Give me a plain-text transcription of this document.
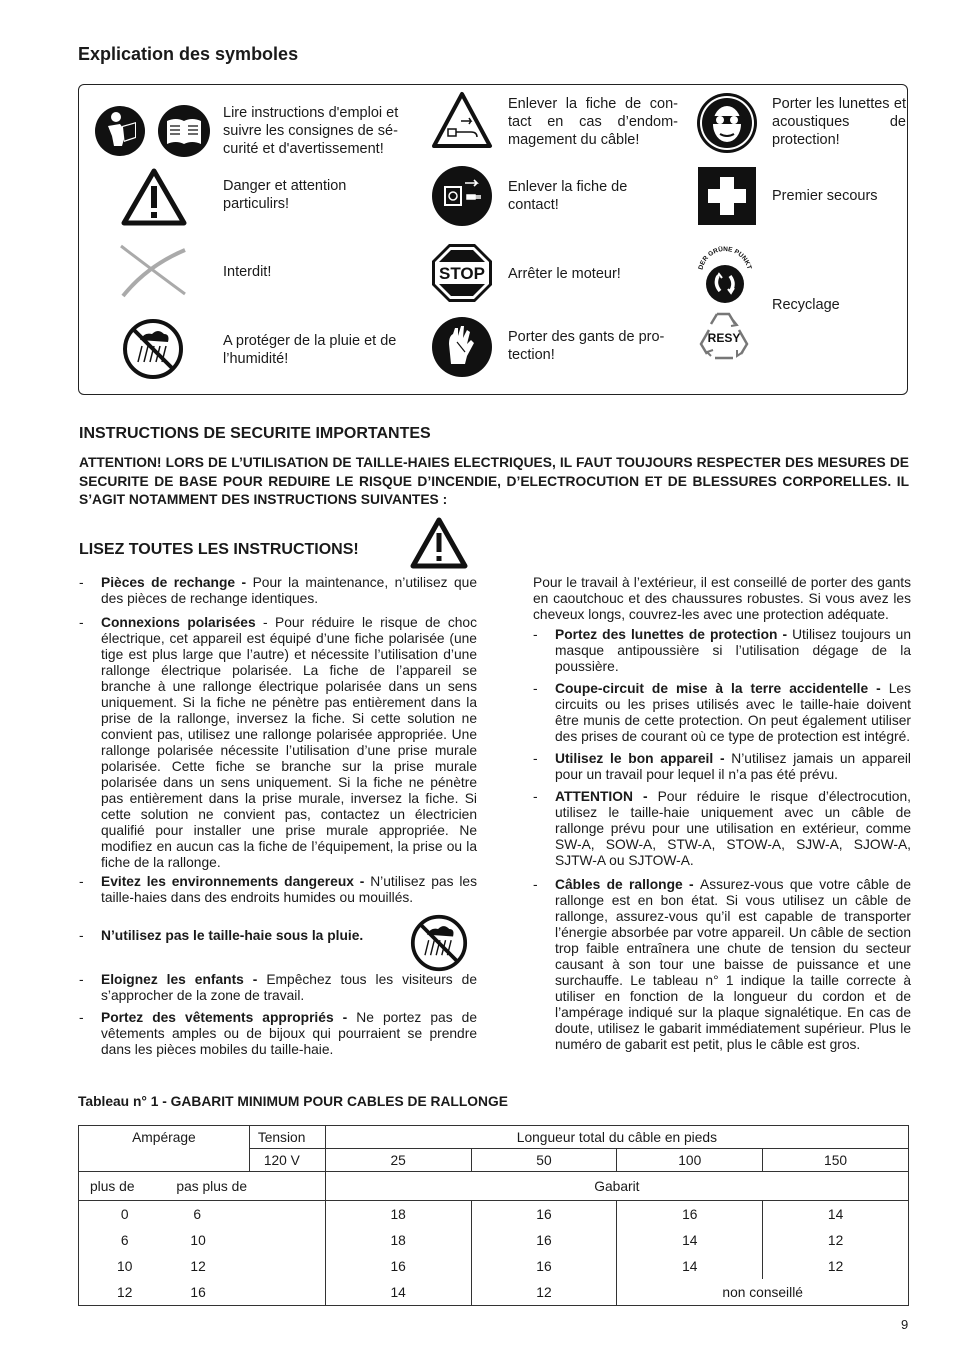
Explication des symboles
Lire instructions d'emploi et suivre les consignes de sé-curité et d'avertissement!
Danger et attention particulirs!
Interdit!
A protéger de la pluie et de l’humidité!
STOP
Enlever la fiche de con-tact en cas d’endom-magement du câble!
Enlever la fiche de contact!
Arrêter le moteur!
Porter des gants de pro-tection!
DER GRÜNE PUNKT
RESY
Porter les lunettes et acoustiques de protection!
Premier secours
Recyclage
INSTRUCTIONS DE SECURITE IMPORTANTES

ATTENTION! LORS DE L’UTILISATION DE TAILLE-HAIES ELECTRIQUES, IL FAUT TOUJOURS RESPECTER DES MESURES DE SECURITE DE BASE POUR REDUIRE LE RISQUE D’INCENDIE, D’ELECTROCUTION ET DE BLESSURES CORPORELLES. IL S’AGIT NOTAMMENT DES INSTRUCTIONS SUIVANTES :

LISEZ TOUTES LES INSTRUCTIONS!
- Pièces de rechange - Pour la maintenance, n’utilisez que des pièces de rechange identiques.
- Connexions polarisées - Pour réduire le risque de choc électrique, cet appareil est équipé d’une fiche polarisée (une tige est plus large que l’autre) et nécessite l’utilisation d’une rallonge électrique polarisée. La fiche de l’appareil se branche à une rallonge électrique polarisée dans un sens uniquement. Si la fiche ne pénètre pas entièrement dans la prise de la rallonge, inversez la fiche. Si cette solution ne convient pas, utilisez une rallonge polarisée appropriée. Une rallonge polarisée nécessite l’utilisation d’une prise murale polarisée. Cette fiche se branche sur la prise murale polarisée dans un sens uniquement. Si la fiche ne pénètre pas entièrement dans la prise murale, inversez la fiche. Si cette solution ne convient pas, contactez un électricien qualifié pour installer une prise murale appropriée. Ne modifiez en aucun cas la fiche de l’équipement, la prise ou la fiche de la rallonge.
- Evitez les environnements dangereux - N’utilisez pas les taille-haies dans des endroits humides ou mouillés.
- N’utilisez pas le taille-haie sous la pluie.
- Eloignez les enfants - Empêchez tous les visiteurs de s’approcher de la zone de travail.
- Portez des vêtements appropriés - Ne portez pas de vêtements amples ou de bijoux qui pourraient se prendre dans les pièces mobiles du taille-haie.

Pour le travail à l’extérieur, il est conseillé de porter des gants en caoutchouc et des chaussures robustes. Si vous avez les cheveux longs, couvrez-les avec une protection adéquate.

- Portez des lunettes de protection - Utilisez toujours un masque antipoussière si l’utilisation dégage de la poussière.
- Coupe-circuit de mise à la terre accidentelle - Les circuits ou les prises utilisés avec le taille-haie doivent être munis de cette protection. On peut également utiliser des prises de courant où ce type de protection est intégré.
- Utilisez le bon appareil - N’utilisez jamais un appareil pour un travail pour lequel il n’a pas été prévu.
- ATTENTION - Pour réduire le risque d’électrocution, utilisez le taille-haie uniquement avec un câble de rallonge prévu pour une utilisation en extérieur, comme SW-A, SOW-A, STW-A, STOW-A, SJW-A, SJOW-A, SJTW-A ou SJTOW-A.
- Câbles de rallonge - Assurez-vous que votre câble de rallonge est en bon état. Si vous utilisez un câble de rallonge, assurez-vous qu’il est capable de transporter l’énergie absorbée par votre appareil. Un câble de section trop faible entraînera une chute de tension du secteur causant à son tour une baisse de puissance et une surchauffe. Le tableau n° 1 indique la taille correcte à utiliser en fonction de la longueur du cordon et de l’ampérage indiqué sur la plaque signalétique. En cas de doute, utilisez le gabarit immédiatement supérieur. Plus le numéro de gabarit est petit, plus le câble est gros.

Tableau n° 1 - GABARIT MINIMUM POUR CABLES DE RALLONGE

Ampérage		Tension	Longueur total du câble en pieds			
		120 V	25	50	100	150
plus de	pas plus de		Gabarit			
0	6		18	16	16	14
6	10		18	16	14	12
10	12		16	16	14	12
12	16		14	12	non conseillé	
9
